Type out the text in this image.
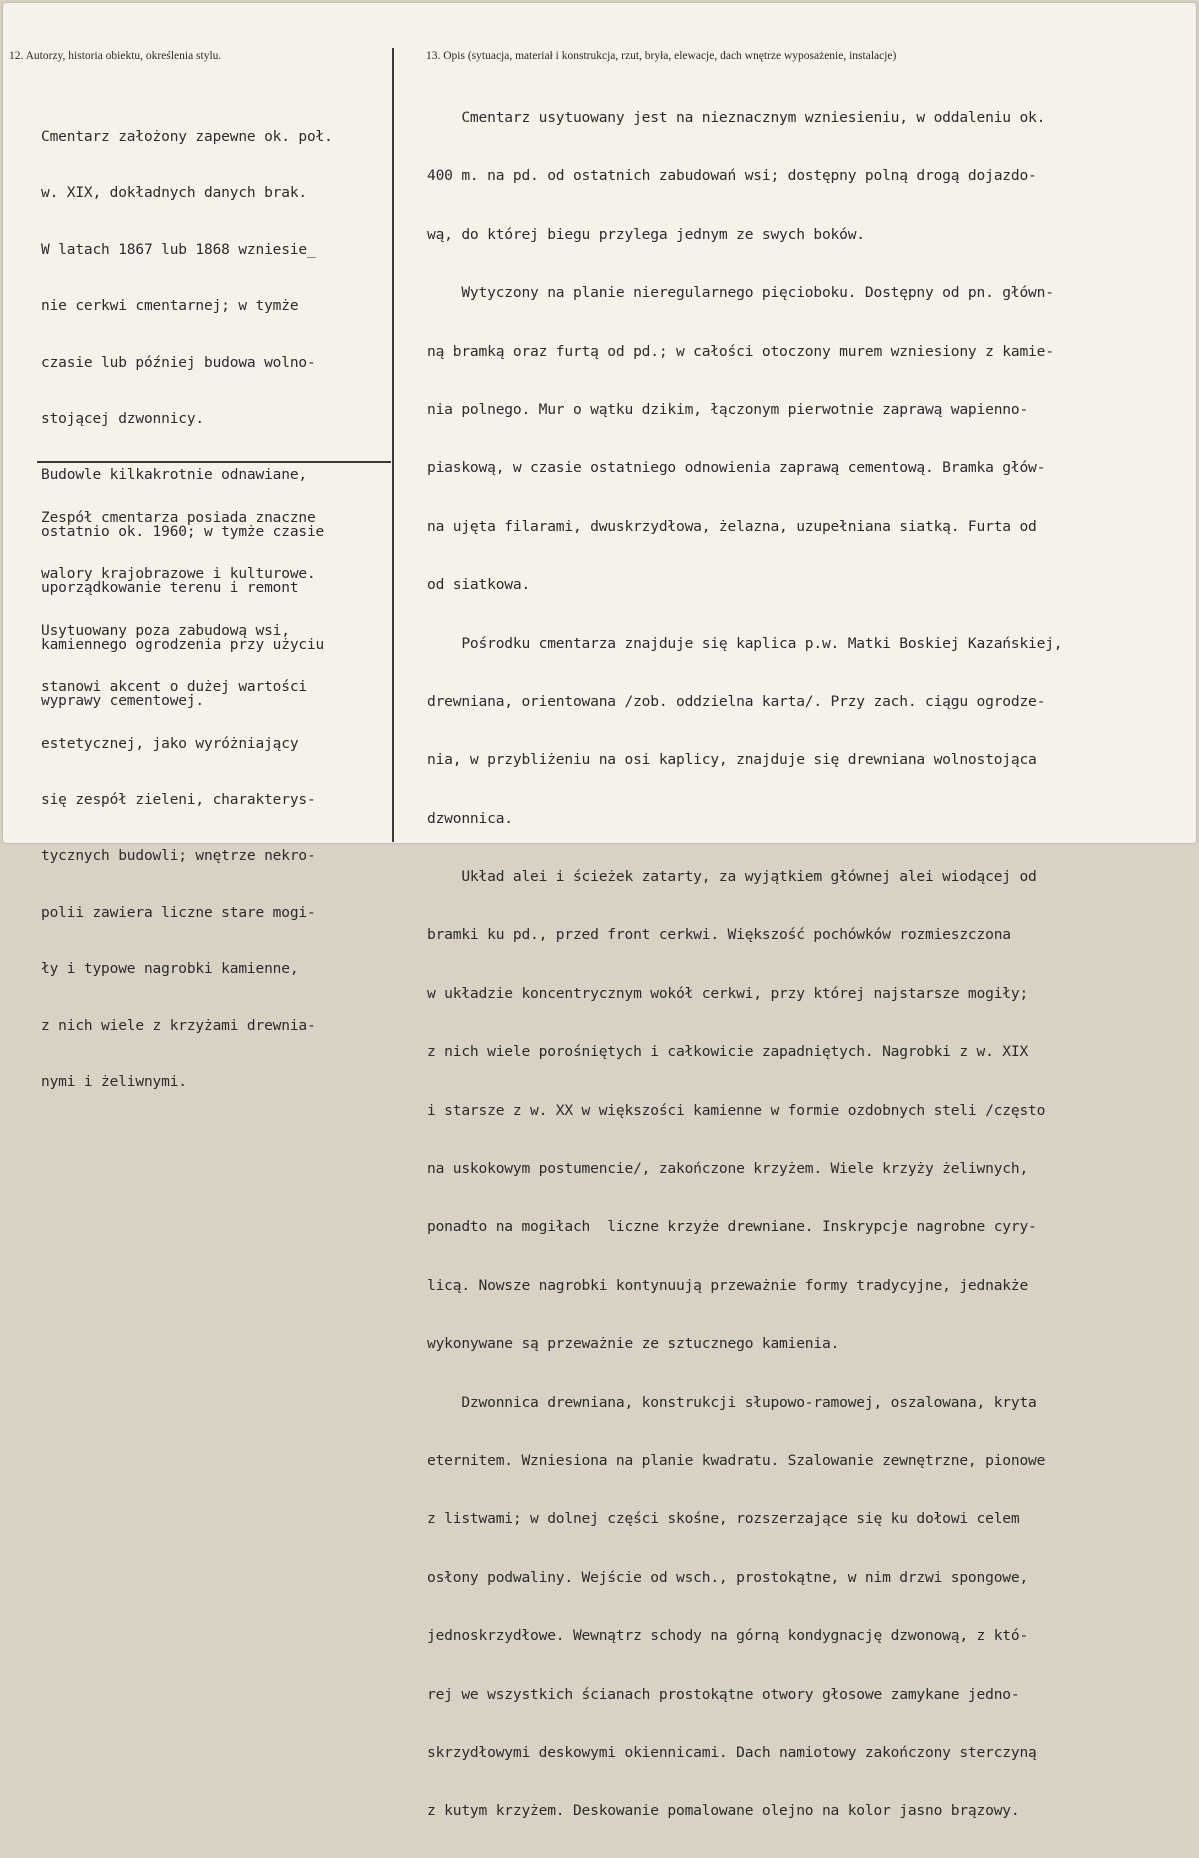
12. Autorzy, historia obiektu, określenia stylu.	13. Opis (sytuacja, materiał i konstrukcja, rzut, bryła, elewacje, dach wnętrze wyposażenie, instalacje)

Cmentarz założony zapewne ok. poł.

w. XIX, dokładnych danych brak.

W latach 1867 lub 1868 wzniesie_

nie cerkwi cmentarnej; w tymże

czasie lub później budowa wolno-

stojącej dzwonnicy.

Budowle kilkakrotnie odnawiane,

ostatnio ok. 1960; w tymże czasie

uporządkowanie terenu i remont

kamiennego ogrodzenia przy użyciu

wyprawy cementowej.

Zespół cmentarza posiada znaczne

walory krajobrazowe i kulturowe.

Usytuowany poza zabudową wsi,

stanowi akcent o dużej wartości

estetycznej, jako wyróżniający

się zespół zieleni, charakterys-

tycznych budowli; wnętrze nekro-

polii zawiera liczne stare mogi-

ły i typowe nagrobki kamienne,

z nich wiele z krzyżami drewnia-

nymi i żeliwnymi.

Cmentarz usytuowany jest na nieznacznym wzniesieniu, w oddaleniu ok.

400 m. na pd. od ostatnich zabudowań wsi; dostępny polną drogą dojazdo-

wą, do której biegu przylega jednym ze swych boków.

Wytyczony na planie nieregularnego pięcioboku. Dostępny od pn. główn-

ną bramką oraz furtą od pd.; w całości otoczony murem wzniesiony z kamie-

nia polnego. Mur o wątku dzikim, łączonym pierwotnie zaprawą wapienno-

piaskową, w czasie ostatniego odnowienia zaprawą cementową. Bramka głów-

na ujęta filarami, dwuskrzydłowa, żelazna, uzupełniana siatką. Furta od

od siatkowa.

Pośrodku cmentarza znajduje się kaplica p.w. Matki Boskiej Kazańskiej,

drewniana, orientowana /zob. oddzielna karta/. Przy zach. ciągu ogrodze-

nia, w przybliżeniu na osi kaplicy, znajduje się drewniana wolnostojąca

dzwonnica.

Układ alei i ścieżek zatarty, za wyjątkiem głównej alei wiodącej od

bramki ku pd., przed front cerkwi. Większość pochówków rozmieszczona

w układzie koncentrycznym wokół cerkwi, przy której najstarsze mogiły;

z nich wiele porośniętych i całkowicie zapadniętych. Nagrobki z w. XIX

i starsze z w. XX w większości kamienne w formie ozdobnych steli /często

na uskokowym postumencie/, zakończone krzyżem. Wiele krzyży żeliwnych,

ponadto na mogiłach  liczne krzyże drewniane. Inskrypcje nagrobne cyry-

licą. Nowsze nagrobki kontynuują przeważnie formy tradycyjne, jednakże

wykonywane są przeważnie ze sztucznego kamienia.

Dzwonnica drewniana, konstrukcji słupowo-ramowej, oszalowana, kryta

eternitem. Wzniesiona na planie kwadratu. Szalowanie zewnętrzne, pionowe

z listwami; w dolnej części skośne, rozszerzające się ku dołowi celem

osłony podwaliny. Wejście od wsch., prostokątne, w nim drzwi spongowe,

jednoskrzydłowe. Wewnątrz schody na górną kondygnację dzwonową, z któ-

rej we wszystkich ścianach prostokątne otwory głosowe zamykane jedno-

skrzydłowymi deskowymi okiennicami. Dach namiotowy zakończony sterczyną

z kutym krzyżem. Deskowanie pomalowane olejno na kolor jasno brązowy.
